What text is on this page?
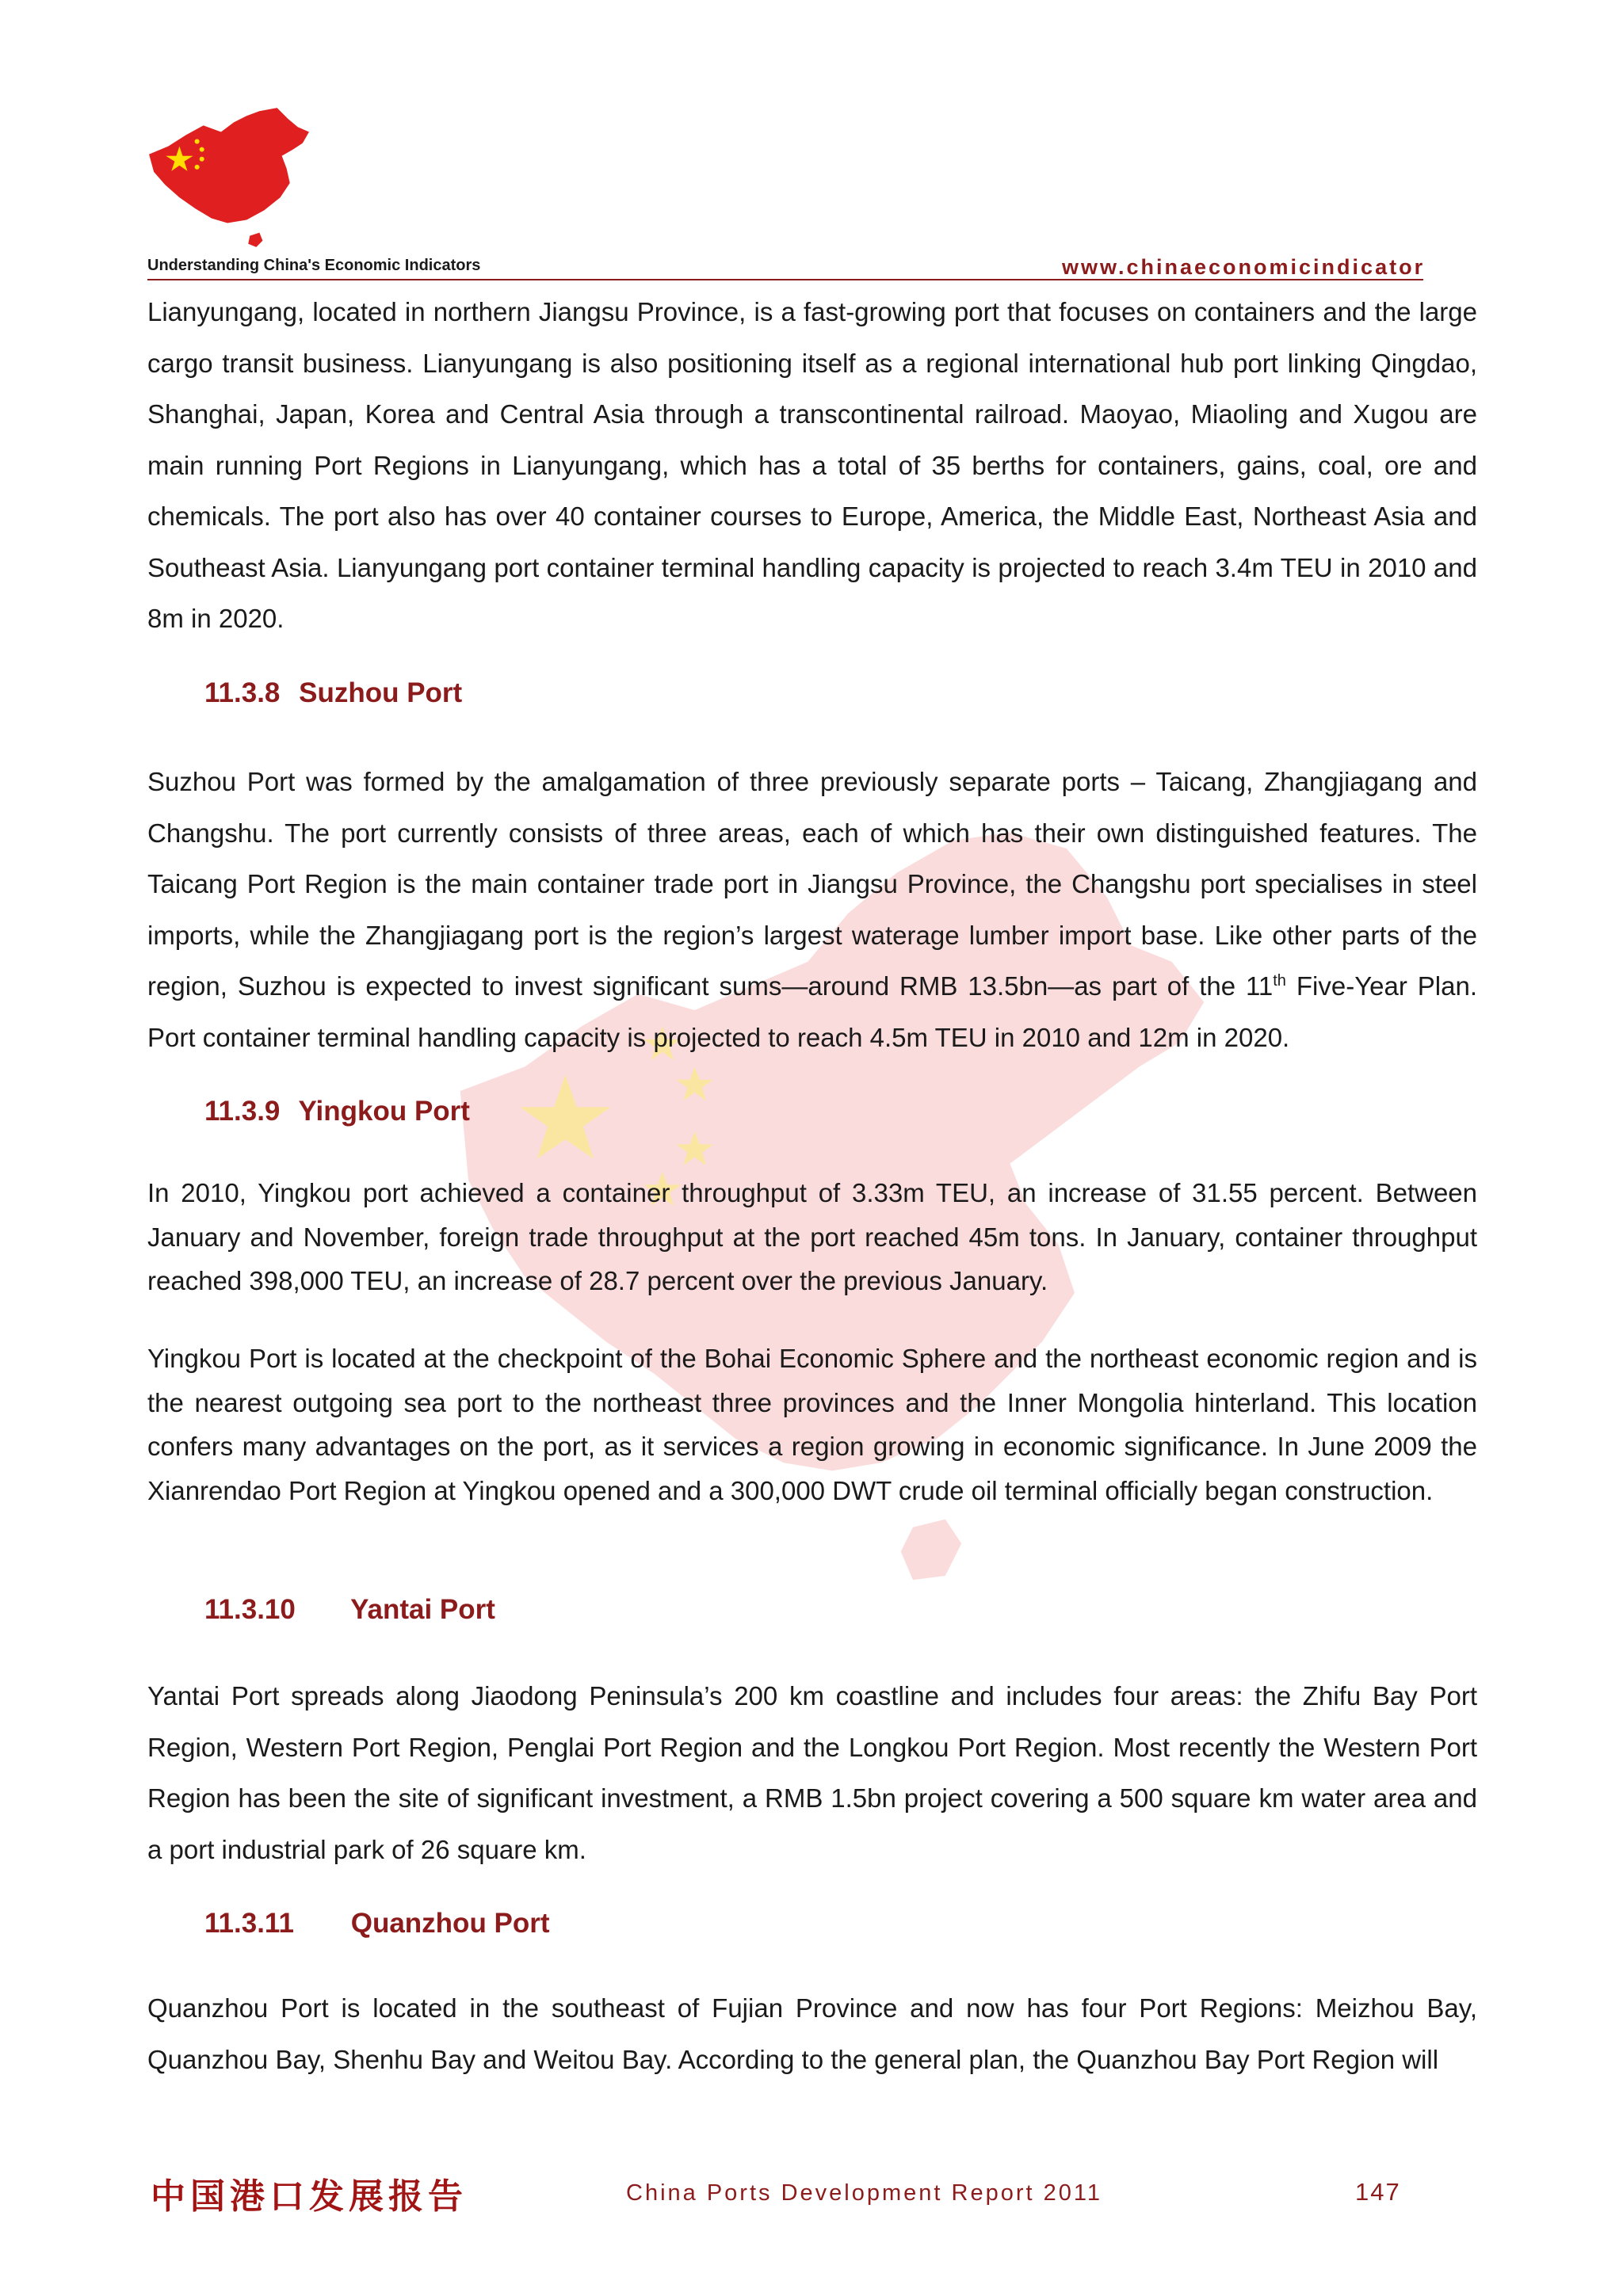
Understanding China's Economic Indicators	www.chinaeconomicindicator

Lianyungang, located in northern Jiangsu Province, is a fast-growing port that focuses on containers and the large cargo transit business. Lianyungang is also positioning itself as a regional international hub port linking Qingdao, Shanghai, Japan, Korea and Central Asia through a transcontinental railroad. Maoyao, Miaoling and Xugou are main running Port Regions in Lianyungang, which has a total of 35 berths for containers, gains, coal, ore and chemicals. The port also has over 40 container courses to Europe, America, the Middle East, Northeast Asia and Southeast Asia. Lianyungang port container terminal handling capacity is projected to reach 3.4m TEU in 2010 and 8m in 2020.

11.3.8 Suzhou Port

Suzhou Port was formed by the amalgamation of three previously separate ports – Taicang, Zhangjiagang and Changshu. The port currently consists of three areas, each of which has their own distinguished features. The Taicang Port Region is the main container trade port in Jiangsu Province, the Changshu port specialises in steel imports, while the Zhangjiagang port is the region’s largest waterage lumber import base. Like other parts of the region, Suzhou is expected to invest significant sums—around RMB 13.5bn—as part of the 11th Five-Year Plan. Port container terminal handling capacity is projected to reach 4.5m TEU in 2010 and 12m in 2020.

11.3.9 Yingkou Port

In 2010, Yingkou port achieved a container throughput of 3.33m TEU, an increase of 31.55 percent. Between January and November, foreign trade throughput at the port reached 45m tons. In January, container throughput reached 398,000 TEU, an increase of 28.7 percent over the previous January.

Yingkou Port is located at the checkpoint of the Bohai Economic Sphere and the northeast economic region and is the nearest outgoing sea port to the northeast three provinces and the Inner Mongolia hinterland. This location confers many advantages on the port, as it services a region growing in economic significance. In June 2009 the Xianrendao Port Region at Yingkou opened and a 300,000 DWT crude oil terminal officially began construction.

11.3.10 Yantai Port

Yantai Port spreads along Jiaodong Peninsula’s 200 km coastline and includes four areas: the Zhifu Bay Port Region, Western Port Region, Penglai Port Region and the Longkou Port Region. Most recently the Western Port Region has been the site of significant investment, a RMB 1.5bn project covering a 500 square km water area and a port industrial park of 26 square km.

11.3.11 Quanzhou Port

Quanzhou Port is located in the southeast of Fujian Province and now has four Port Regions: Meizhou Bay, Quanzhou Bay, Shenhu Bay and Weitou Bay. According to the general plan, the Quanzhou Bay Port Region will

中国港口发展报告	China Ports Development Report 2011	147
